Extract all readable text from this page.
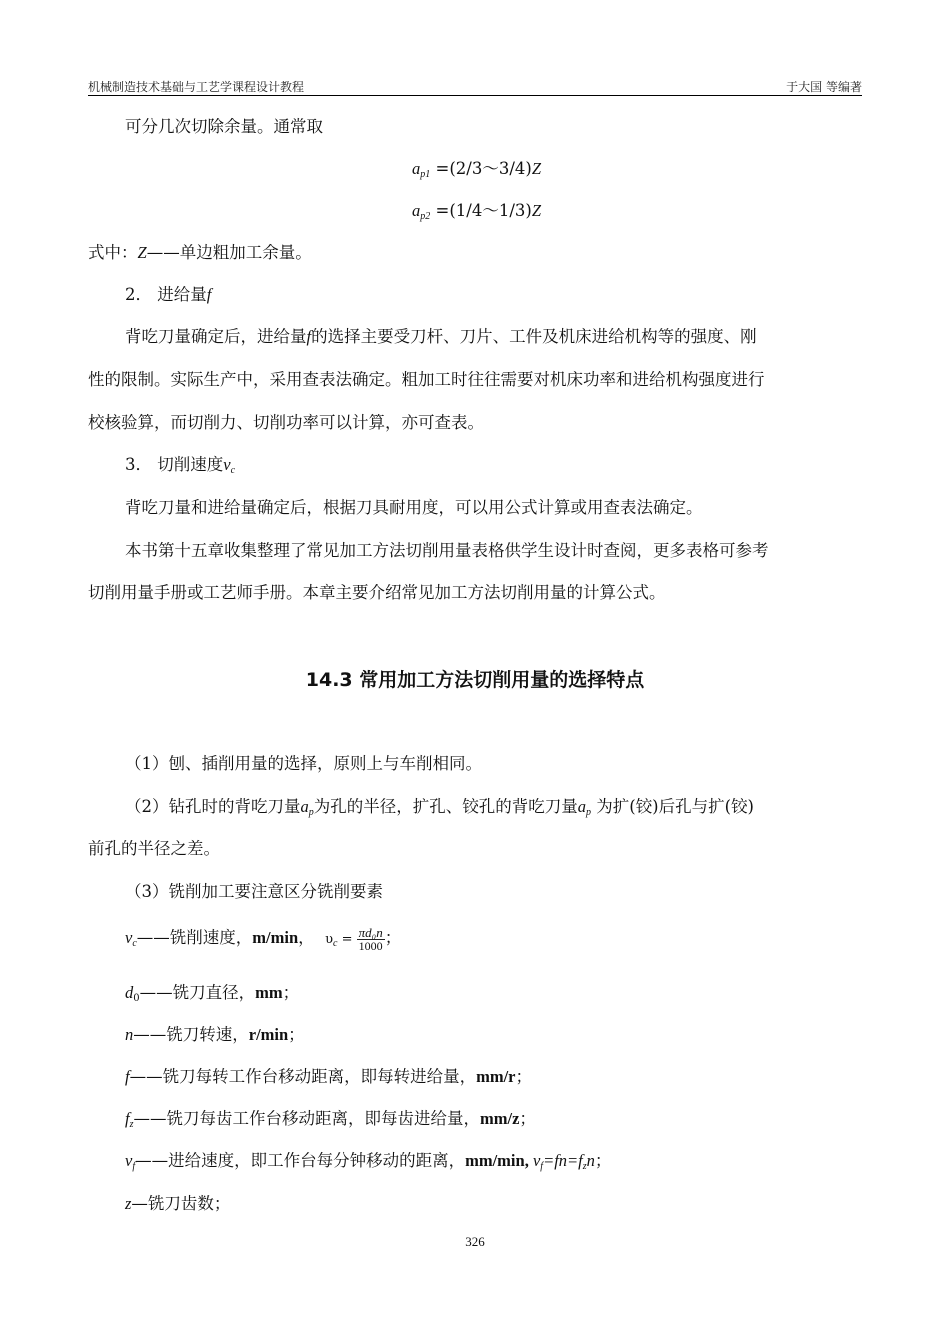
机械制造技术基础与工艺学课程设计教程	于大国 等编著
可分几次切除余量。通常取
$a_{p1}$ =(2/3～3/4)Z
$a_{p2}$ =(1/4～1/3)Z
式中：Z——单边粗加工余量。
2． 进给量f
背吃刀量确定后，进给量f的选择主要受刀杆、刀片、工件及机床进给机构等的强度、刚
性的限制。实际生产中，采用查表法确定。粗加工时往往需要对机床功率和进给机构强度进行
校核验算，而切削力、切削功率可以计算，亦可查表。
3． 切削速度$v_c$
背吃刀量和进给量确定后，根据刀具耐用度，可以用公式计算或用查表法确定。
本书第十五章收集整理了常见加工方法切削用量表格供学生设计时查阅，更多表格可参考
切削用量手册或工艺师手册。本章主要介绍常见加工方法切削用量的计算公式。
14.3 常用加工方法切削用量的选择特点
（1）刨、插削用量的选择，原则上与车削相同。
（2）钻孔时的背吃刀量$a_p$为孔的半径，扩孔、铰孔的背吃刀量$a_p$ 为扩(铰)后孔与扩(铰)
前孔的半径之差。
（3）铣削加工要注意区分铣削要素
$v_c——$铣削速度，m/min， $\upsilon_c = \frac{\text{πd₀n}}{1000}$ ；
$d_0——$铣刀直径，mm；
n——铣刀转速，r/min；
f——铣刀每转工作台移动距离，即每转进给量，mm/r；
$f_z——$铣刀每齿工作台移动距离，即每齿进给量，mm/z；
$v_f——$进给速度，即工作台每分钟移动的距离，mm/min, $v_f=fn=f_zn$；
z—铣刀齿数；
326
